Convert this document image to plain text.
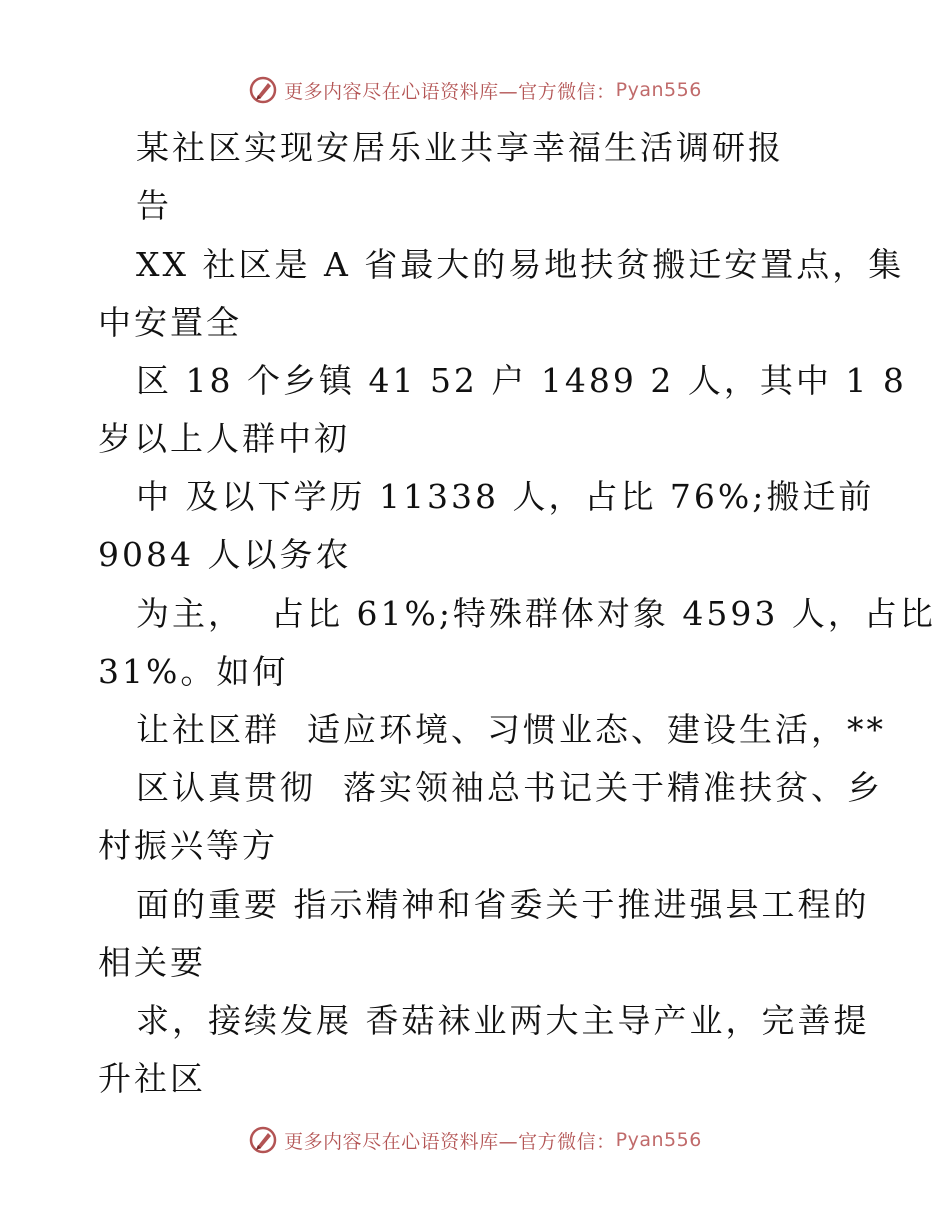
更多内容尽在心语资料库—官方微信： Pyan556
某社区实现安居乐业共享幸福生活调研报
告
XX 社区是 A 省最大的易地扶贫搬迁安置点，集
中安置全
区 18 个乡镇 41 52 户 1489 2 人，其中 1 8
岁以上人群中初
中 及以下学历 11338 人，占比 76%;搬迁前
9084 人以务农
为主，  占比 61%;特殊群体对象 4593 人，占比
31%。如何
让社区群  适应环境、习惯业态、建设生活，**
区认真贯彻  落实领袖总书记关于精准扶贫、乡
村振兴等方
面的重要 指示精神和省委关于推进强县工程的
相关要
求，接续发展 香菇袜业两大主导产业，完善提
升社区
更多内容尽在心语资料库—官方微信： Pyan556
